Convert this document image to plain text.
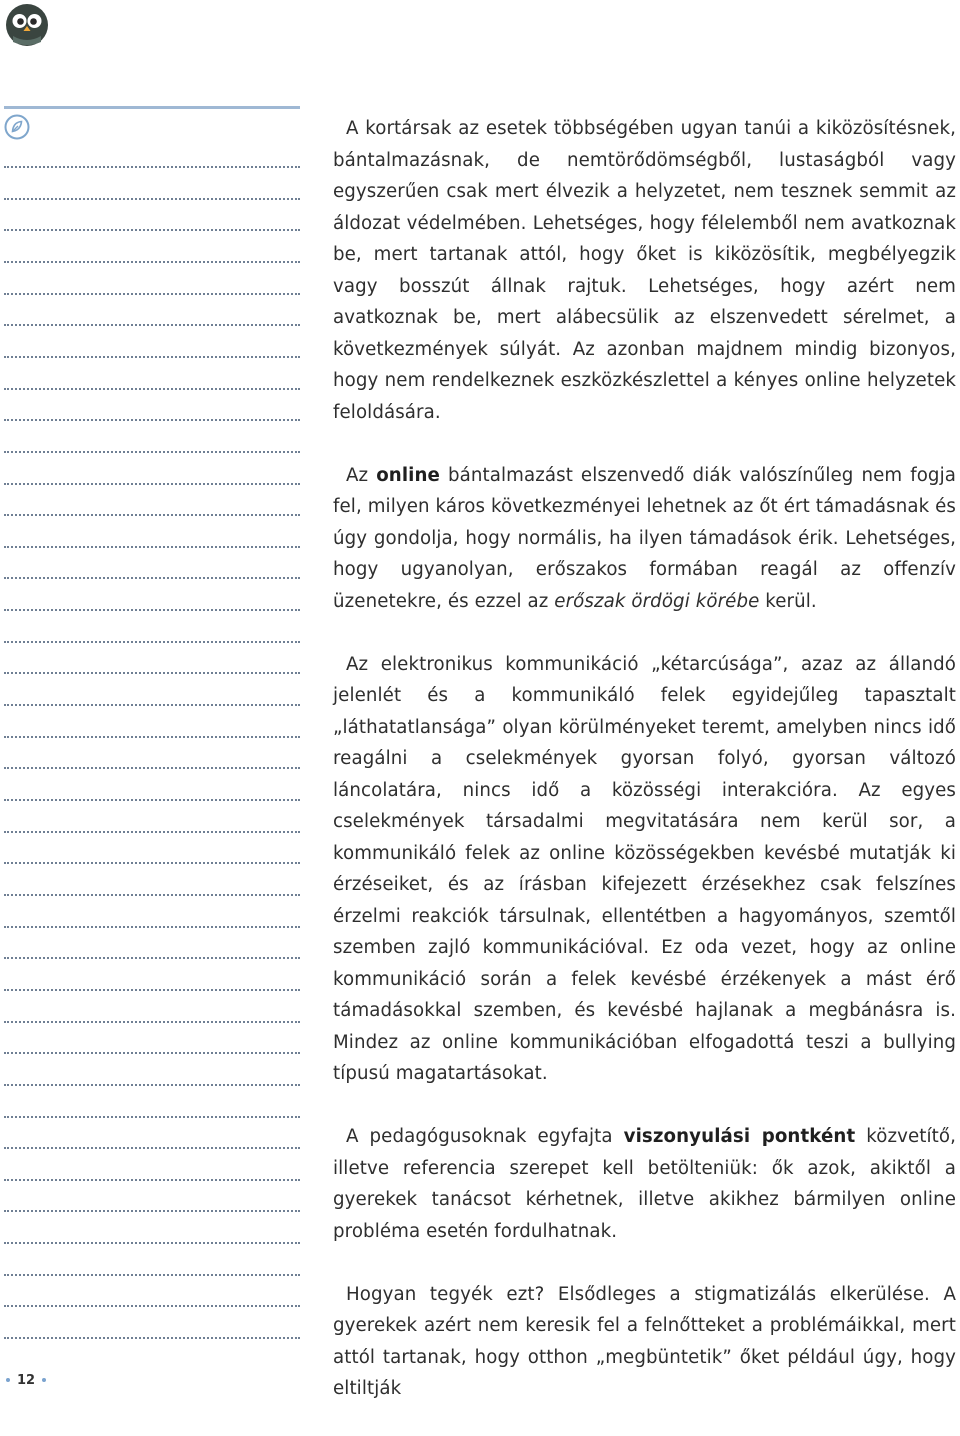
A kortársak az esetek többségében ugyan tanúi a kiközösítésnek, bántalmazásnak, de nemtörődömségből, lustaságból vagy egyszerűen csak mert élvezik a helyzetet, nem tesznek semmit az áldozat védelmében. Lehetséges, hogy félelemből nem avatkoznak be, mert tartanak attól, hogy őket is kiközösítik, megbélyegzik vagy bosszút állnak rajtuk. Lehetséges, hogy azért nem avatkoznak be, mert alábecsülik az elszenvedett sérelmet, a következmények súlyát. Az azonban majdnem mindig bizonyos, hogy nem rendelkeznek eszközkészlettel a kényes online helyzetek feloldására.

Az online bántalmazást elszenvedő diák valószínűleg nem fogja fel, milyen káros következményei lehetnek az őt ért támadásnak és úgy gondolja, hogy normális, ha ilyen támadások érik. Lehetséges, hogy ugyanolyan, erőszakos formában reagál az offenzív üzenetekre, és ezzel az erőszak ördögi körébe kerül.

Az elektronikus kommunikáció „kétarcúsága”, azaz az állandó jelenlét és a kommunikáló felek egyidejűleg tapasztalt „láthatatlansága” olyan körülményeket teremt, amelyben nincs idő reagálni a cselekmények gyorsan folyó, gyorsan változó láncolatára, nincs idő a közösségi interakcióra. Az egyes cselekmények társadalmi megvitatására nem kerül sor, a kommunikáló felek az online közösségekben kevésbé mutatják ki érzéseiket, és az írásban kifejezett érzésekhez csak felszínes érzelmi reakciók társulnak, ellentétben a hagyományos, szemtől szemben zajló kommunikációval. Ez oda vezet, hogy az online kommunikáció során a felek kevésbé érzékenyek a mást érő támadásokkal szemben, és kevésbé hajlanak a megbánásra is. Mindez az online kommunikációban elfogadottá teszi a bullying típusú magatartásokat.

A pedagógusoknak egyfajta viszonyulási pontként közvetítő, illetve referencia szerepet kell betölteniük: ők azok, akiktől a gyerekek tanácsot kérhetnek, illetve akikhez bármilyen online probléma esetén fordulhatnak.

Hogyan tegyék ezt? Elsődleges a stigmatizálás elkerülése. A gyerekek azért nem keresik fel a felnőtteket a problémáikkal, mert attól tartanak, hogy otthon „megbüntetik” őket például úgy, hogy eltiltják

12
